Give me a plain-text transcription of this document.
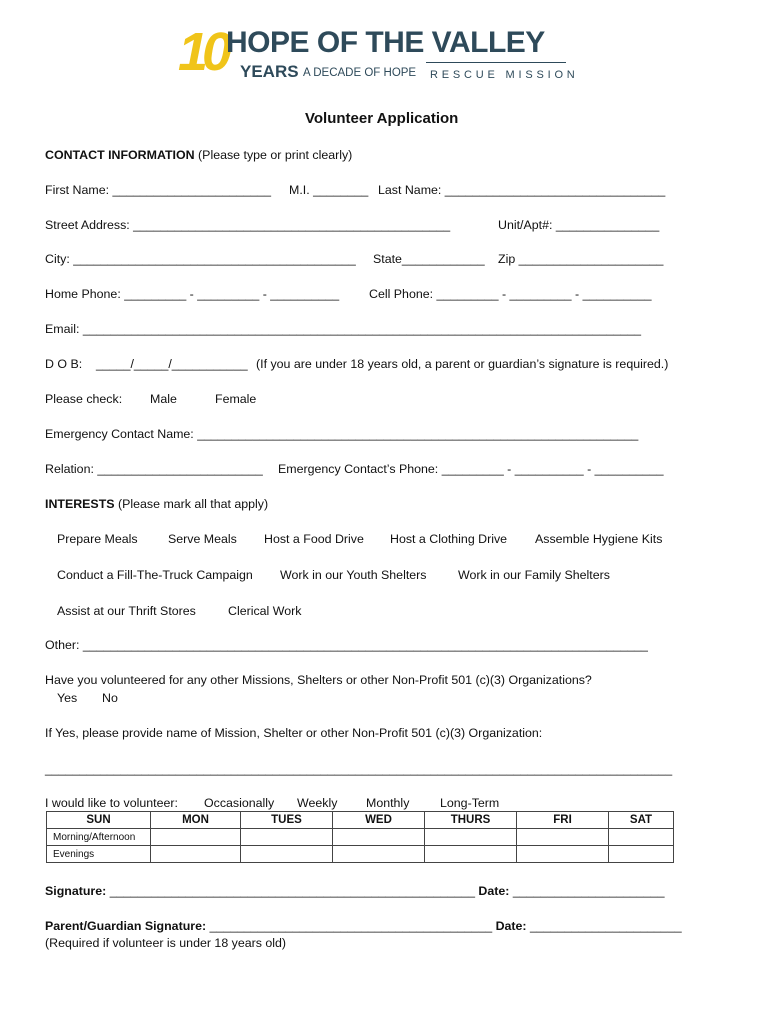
10 HOPE OF THE VALLEY
YEARS A DECADE OF HOPE RESCUE MISSION
Volunteer Application
CONTACT INFORMATION (Please type or print clearly)
First Name: _______________________ M.I. ________ Last Name: ________________________________
Street Address: ______________________________________________	Unit/Apt#: _______________
City: _________________________________________ State____________ Zip _____________________
Home Phone: _________ - _________ - __________ Cell Phone: _________ - _________ - __________
Email: _________________________________________________________________________________
D O B: _____/_____/___________ (If you are under 18 years old, a parent or guardian’s signature is required.)
Please check: Male	Female
Emergency Contact Name: ________________________________________________________________
Relation: ________________________ Emergency Contact’s Phone: _________ - __________ - __________
INTERESTS (Please mark all that apply)
Prepare Meals Serve Meals Host a Food Drive Host a Clothing Drive Assemble Hygiene Kits
Conduct a Fill-The-Truck Campaign Work in our Youth Shelters	Work in our Family Shelters
Assist at our Thrift Stores	Clerical Work
Other: __________________________________________________________________________________
Have you volunteered for any other Missions, Shelters or other Non-Profit 501 (c)(3) Organizations?
Yes No
If Yes, please provide name of Mission, Shelter or other Non-Profit 501 (c)(3) Organization:
___________________________________________________________________________________________
I would like to volunteer: Occasionally Weekly Monthly Long-Term
SUN	MON	TUES	WED	THURS	FRI	SAT
Morning/Afternoon						
Evenings						
Signature: _____________________________________________________ Date: ______________________
Parent/Guardian Signature: _________________________________________ Date: ______________________
(Required if volunteer is under 18 years old)
